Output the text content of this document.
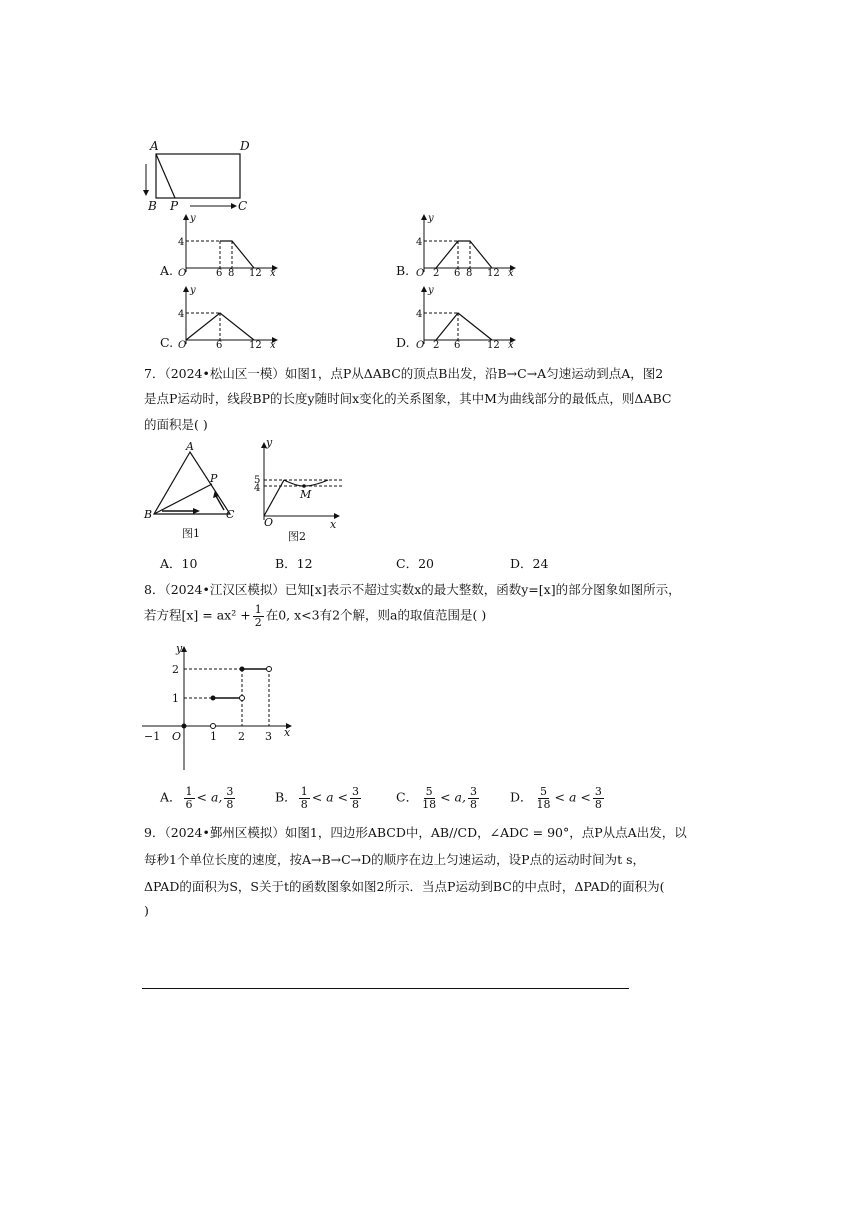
A	D
B P	C
A.
y
4
O	6 8 12 x	B.
y
4
O 2 6 8 12 x
C.
y
4
O	6	12 x	D.
y
4
O 2 6	12 x
7．（2024•松山区一模）如图1，点P从ΔABC的顶点B出发，沿B→C→A匀速运动到点A，图2
是点P运动时，线段BP的长度y随时间x变化的关系图象，其中M为曲线部分的最低点，则ΔABC
的面积是( )
A
B	C
P
图1
y
5
4	M
O	x
图2
A．10	B．12	C．20	D．24
8．（2024•江汉区模拟）已知[x]表示不超过实数x的最大整数，函数y=[x]的部分图象如图所示，
若方程$[x] = ax^2 + \frac{1}{2}$ 在0, x<3有2个解，则a的取值范围是( )
y
2
1
−1 O	1 2 3 x
A． $\frac{1}{6} < a$, $\frac{3}{8}$	B． $\frac{1}{8} < a < \frac{3}{8}$	C． $\frac{5}{18} < a$, $\frac{3}{8}$ D． $\frac{5}{18} < a < \frac{3}{8}$
9．（2024•鄞州区模拟）如图1，四边形ABCD中，AB//CD，∠ADC = 90°，点P从点A出发，以
每秒1个单位长度的速度，按A→B→C→D的顺序在边上匀速运动，设P点的运动时间为t s，
ΔPAD的面积为S，S关于t的函数图象如图2所示．当点P运动到BC的中点时，ΔPAD的面积为(
)
